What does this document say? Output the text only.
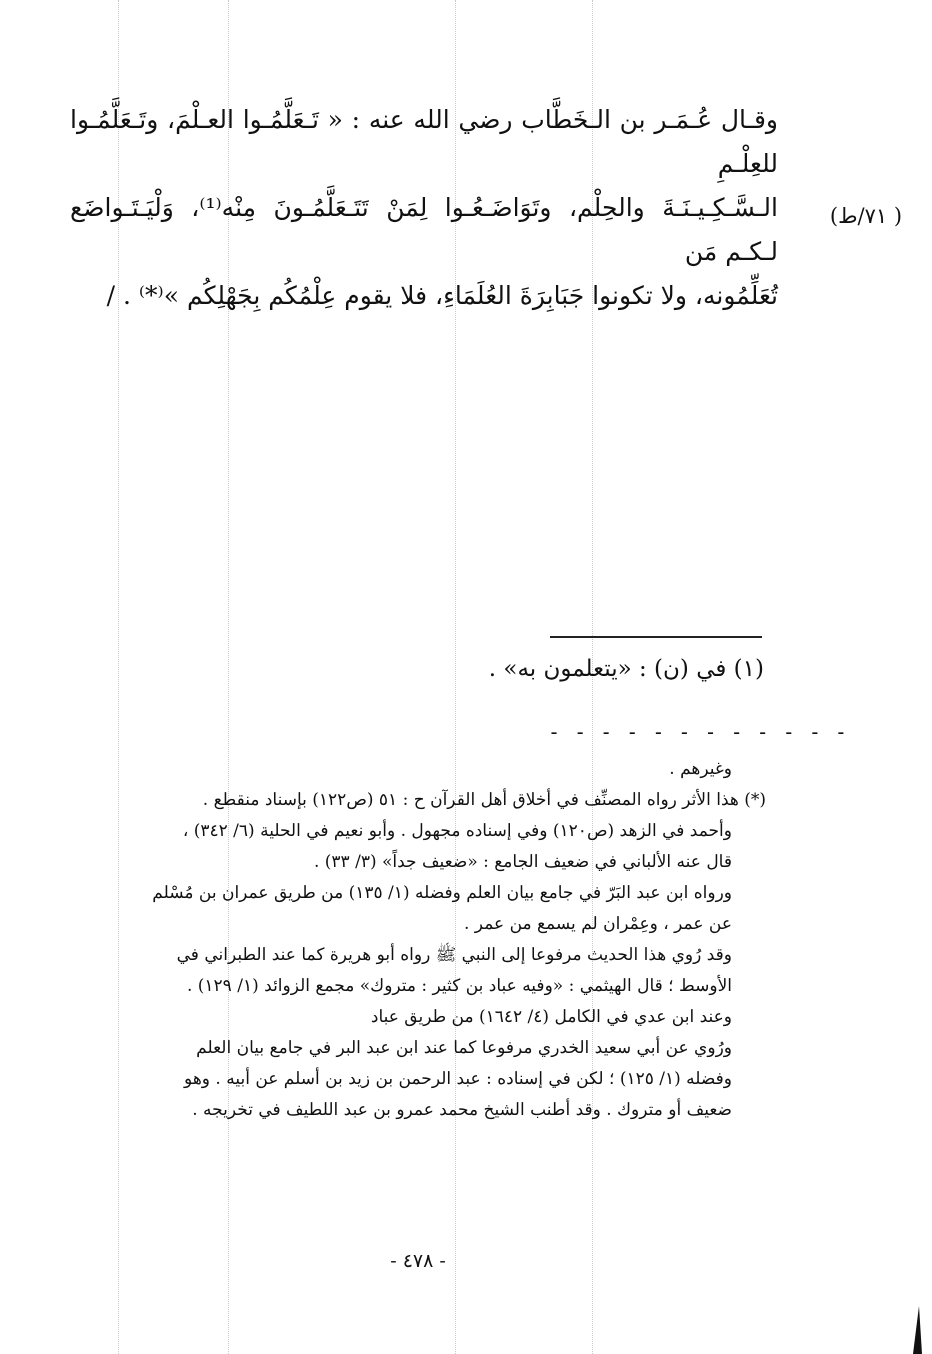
وقـال عُـمَـر بن الـخَطَّاب رضي الله عنه : « تَـعَلَّمُـوا العـلْمَ، وتَـعَلَّمُـوا للعِلْـمِ

الـسَّـكِـيـنَـةَ والحِلْم، وتَوَاضَـعُـوا لِمَنْ تَتَـعَلَّمُـونَ مِنْه⁽¹⁾، وَلْيَـتَـواضَع لـكـم مَن

تُعَلِّمُونه، ولا تكونوا جَبَابِرَةَ العُلَمَاءِ، فلا يقوم عِلْمُكُم بِجَهْلِكُم »⁽*⁾ . /

( ٧١/ط)
(١) في (ن) : «يتعلمون به» .
- - - - - - - - - - - -

وغيرهم .

(*) هذا الأثر رواه المصنِّف في أخلاق أهل القرآن ح : ٥١ (ص١٢٢) بإسناد منقطع .

وأحمد في الزهد (ص١٢٠) وفي إسناده مجهول . وأبو نعيم في الحلية (٦/ ٣٤٢) ،

قال عنه الألباني في ضعيف الجامع : «ضعيف جداً» (٣/ ٣٣) .

ورواه ابن عبد البَرّ في جامع بيان العلم وفضله (١/ ١٣٥) من طريق عمران بن مُسْلم

عن عمر ، وعِمْران لم يسمع من عمر .

وقد رُوي هذا الحديث مرفوعا إلى النبي ﷺ رواه أبو هريرة كما عند الطبراني في

الأوسط ؛ قال الهيثمي : «وفيه عباد بن كثير : متروك» مجمع الزوائد (١/ ١٢٩) .

وعند ابن عدي في الكامل (٤/ ١٦٤٢) من طريق عباد

ورُوي عن أبي سعيد الخدري مرفوعا كما عند ابن عبد البر في جامع بيان العلم

وفضله (١/ ١٢٥) ؛ لكن في إسناده : عبد الرحمن بن زيد بن أسلم عن أبيه . وهو

ضعيف أو متروك . وقد أطنب الشيخ محمد عمرو بن عبد اللطيف في تخريجه .

- ٤٧٨ -
